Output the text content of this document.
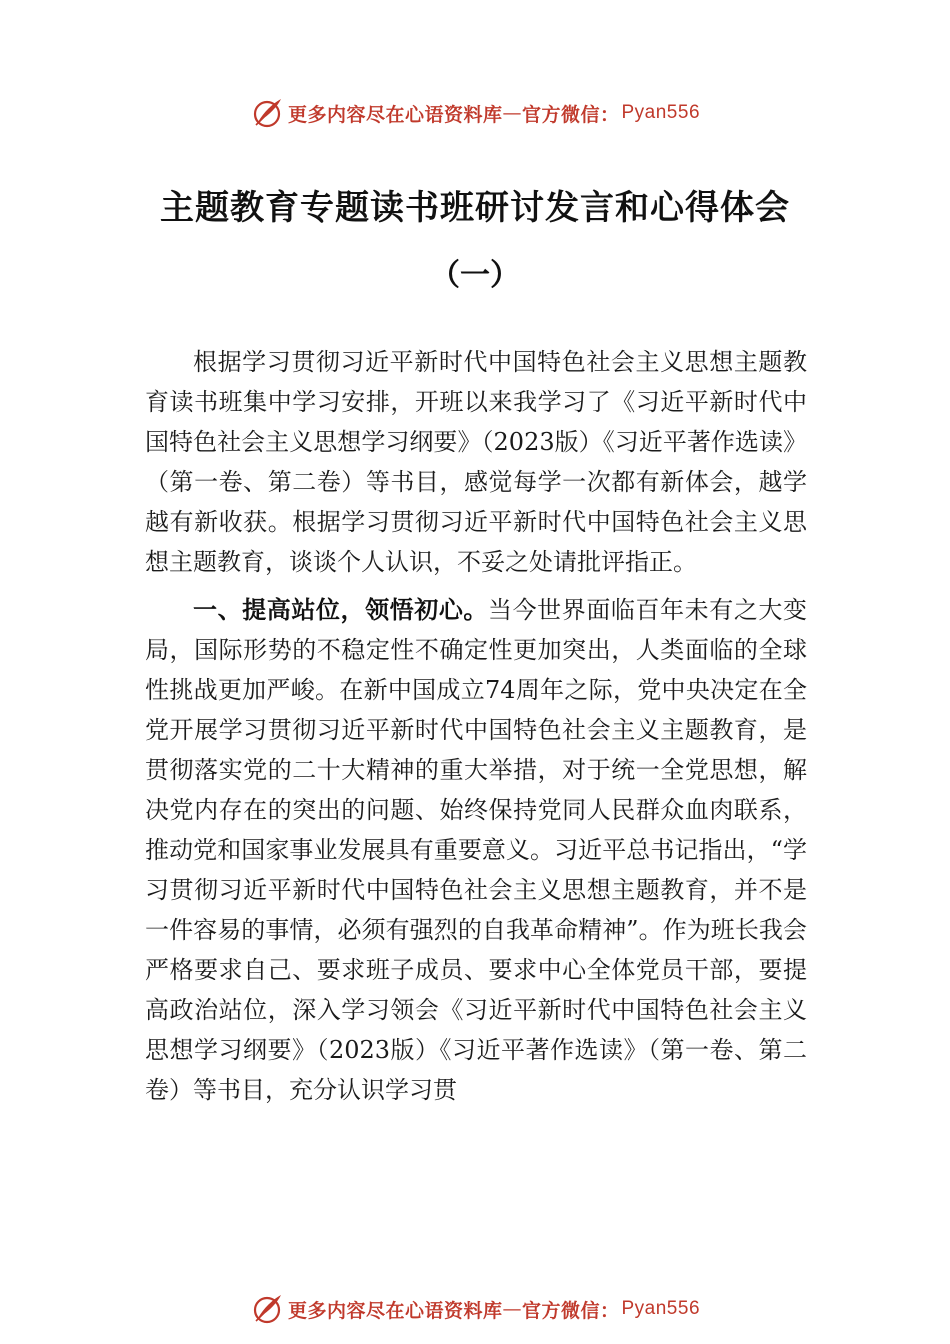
更多内容尽在心语资料库 — 官方微信： Pyan556
主题教育专题读书班研讨发言和心得体会
（一）

根据学习贯彻习近平新时代中国特色社会主义思想主题教育读书班集中学习安排，开班以来我学习了《习近平新时代中国特色社会主义思想学习纲要》（2023版）《习近平著作选读》（第一卷、第二卷）等书目，感觉每学一次都有新体会，越学越有新收获。根据学习贯彻习近平新时代中国特色社会主义思想主题教育，谈谈个人认识，不妥之处请批评指正。

一、提高站位，领悟初心。当今世界面临百年未有之大变局，国际形势的不稳定性不确定性更加突出，人类面临的全球性挑战更加严峻。在新中国成立74周年之际，党中央决定在全党开展学习贯彻习近平新时代中国特色社会主义主题教育，是贯彻落实党的二十大精神的重大举措，对于统一全党思想，解决党内存在的突出的问题、始终保持党同人民群众血肉联系，推动党和国家事业发展具有重要意义。习近平总书记指出，“学习贯彻习近平新时代中国特色社会主义思想主题教育，并不是一件容易的事情，必须有强烈的自我革命精神”。作为班长我会严格要求自己、要求班子成员、要求中心全体党员干部，要提高政治站位，深入学习领会《习近平新时代中国特色社会主义思想学习纲要》（2023版）《习近平著作选读》（第一卷、第二卷）等书目，充分认识学习贯

更多内容尽在心语资料库 — 官方微信： Pyan556
